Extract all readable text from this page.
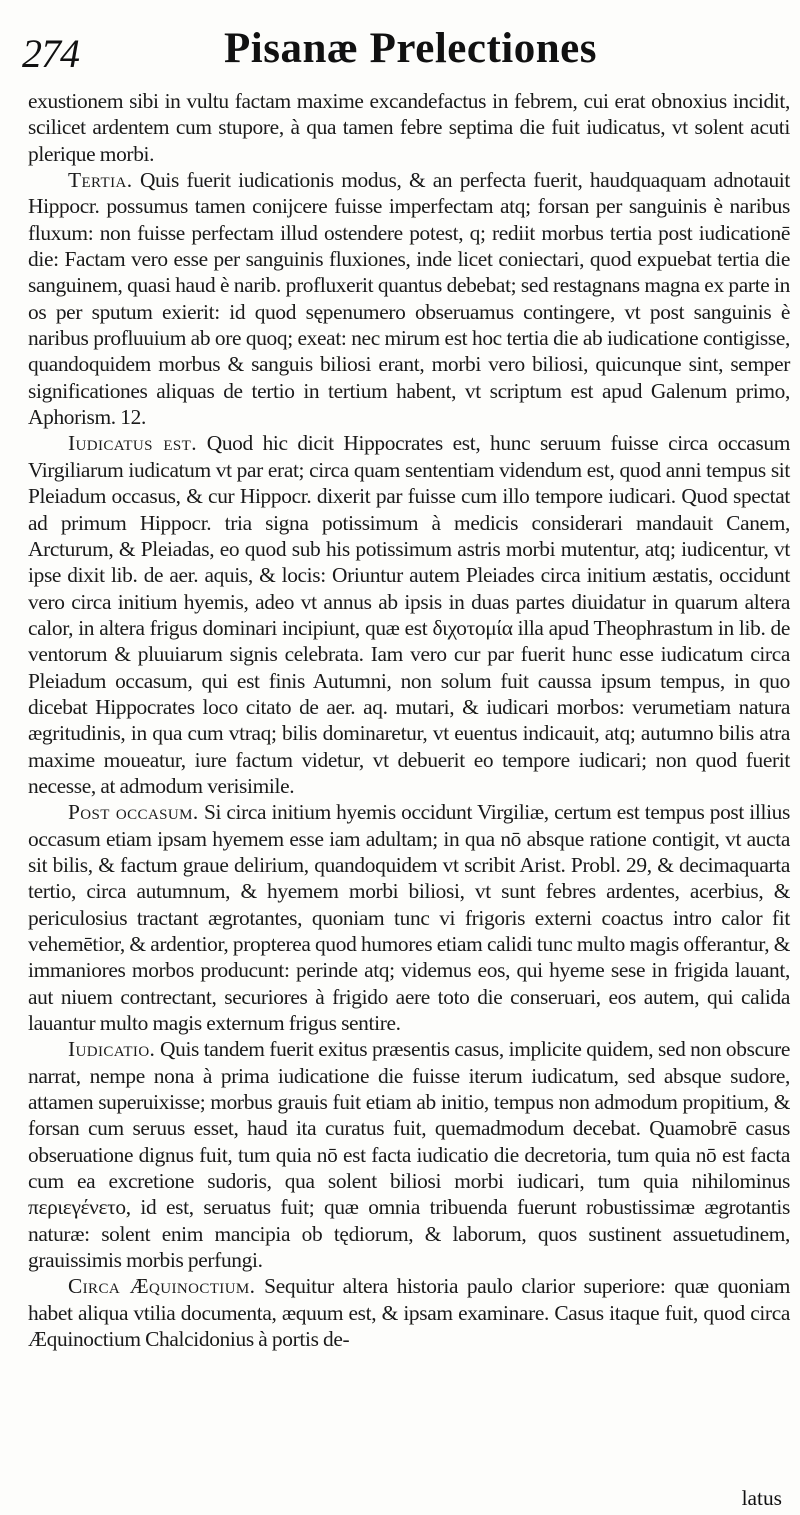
274	Pisanæ Prelectiones

exustionem sibi in vultu factam maxime excandefactus in febrem, cui erat obnoxius incidit, scilicet ardentem cum stupore, à qua tamen febre septima die fuit iudicatus, vt solent acuti plerique morbi.

Tertia. Quis fuerit iudicationis modus, & an perfecta fuerit, haudquaquam adnotauit Hippocr. possumus tamen conijcere fuisse imperfectam atq; forsan per sanguinis è naribus fluxum: non fuisse perfectam illud ostendere potest, q; rediit morbus tertia post iudicationē die: Factam vero esse per sanguinis fluxiones, inde licet coniectari, quod expuebat tertia die sanguinem, quasi haud è narib. profluxerit quantus debebat; sed restagnans magna ex parte in os per sputum exierit: id quod sępenumero obseruamus contingere, vt post sanguinis è naribus profluuium ab ore quoq; exeat: nec mirum est hoc tertia die ab iudicatione contigisse, quandoquidem morbus & sanguis biliosi erant, morbi vero biliosi, quicunque sint, semper significationes aliquas de tertio in tertium habent, vt scriptum est apud Galenum primo, Aphorism. 12.

Iudicatus est. Quod hic dicit Hippocrates est, hunc seruum fuisse circa occasum Virgiliarum iudicatum vt par erat; circa quam sententiam videndum est, quod anni tempus sit Pleiadum occasus, & cur Hippocr. dixerit par fuisse cum illo tempore iudicari. Quod spectat ad primum Hippocr. tria signa potissimum à medicis considerari mandauit Canem, Arcturum, & Pleiadas, eo quod sub his potissimum astris morbi mutentur, atq; iudicentur, vt ipse dixit lib. de aer. aquis, & locis: Oriuntur autem Pleiades circa initium æstatis, occidunt vero circa initium hyemis, adeo vt annus ab ipsis in duas partes diuidatur in quarum altera calor, in altera frigus dominari incipiunt, quæ est διχοτομία illa apud Theophrastum in lib. de ventorum & pluuiarum signis celebrata. Iam vero cur par fuerit hunc esse iudicatum circa Pleiadum occasum, qui est finis Autumni, non solum fuit caussa ipsum tempus, in quo dicebat Hippocrates loco citato de aer. aq. mutari, & iudicari morbos: verumetiam natura ægritudinis, in qua cum vtraq; bilis dominaretur, vt euentus indicauit, atq; autumno bilis atra maxime moueatur, iure factum videtur, vt debuerit eo tempore iudicari; non quod fuerit necesse, at admodum verisimile.

Post occasum. Si circa initium hyemis occidunt Virgiliæ, certum est tempus post illius occasum etiam ipsam hyemem esse iam adultam; in qua nō absque ratione contigit, vt aucta sit bilis, & factum graue delirium, quandoquidem vt scribit Arist. Probl. 29, & decimaquarta tertio, circa autumnum, & hyemem morbi biliosi, vt sunt febres ardentes, acerbius, & periculosius tractant ægrotantes, quoniam tunc vi frigoris externi coactus intro calor fit vehemētior, & ardentior, propterea quod humores etiam calidi tunc multo magis offerantur, & immaniores morbos producunt: perinde atq; videmus eos, qui hyeme sese in frigida lauant, aut niuem contrectant, securiores à frigido aere toto die conseruari, eos autem, qui calida lauantur multo magis externum frigus sentire.

Iudicatio. Quis tandem fuerit exitus præsentis casus, implicite quidem, sed non obscure narrat, nempe nona à prima iudicatione die fuisse iterum iudicatum, sed absque sudore, attamen superuixisse; morbus grauis fuit etiam ab initio, tempus non admodum propitium, & forsan cum seruus esset, haud ita curatus fuit, quemadmodum decebat. Quamobrē casus obseruatione dignus fuit, tum quia nō est facta iudicatio die decretoria, tum quia nō est facta cum ea excretione sudoris, qua solent biliosi morbi iudicari, tum quia nihilominus περιεγένετο, id est, seruatus fuit; quæ omnia tribuenda fuerunt robustissimæ ægrotantis naturæ: solent enim mancipia ob tędiorum, & laborum, quos sustinent assuetudinem, grauissimis morbis perfungi.

Circa Æquinoctium. Sequitur altera historia paulo clarior superiore: quæ quoniam habet aliqua vtilia documenta, æquum est, & ipsam examinare. Casus itaque fuit, quod circa Æquinoctium Chalcidonius à portis de-

latus
